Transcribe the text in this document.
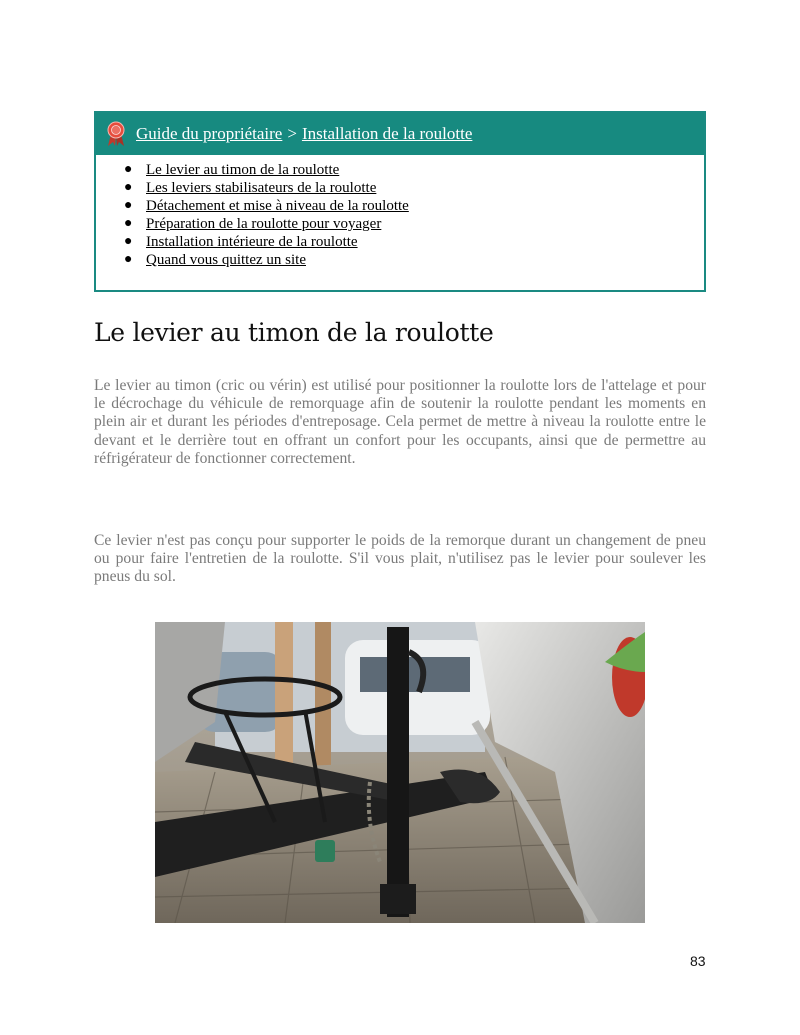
Guide du propriétaire > Installation de la roulotte
● Le levier au timon de la roulotte
● Les leviers stabilisateurs de la roulotte
● Détachement et mise à niveau de la roulotte
● Préparation de la roulotte pour voyager
● Installation intérieure de la roulotte
● Quand vous quittez un site
Le levier au timon de la roulotte

Le levier au timon (cric ou vérin) est utilisé pour positionner la roulotte lors de l'attelage et pour le décrochage du véhicule de remorquage afin de soutenir la roulotte pendant les moments en plein air et durant les périodes d'entreposage. Cela permet de mettre à niveau la roulotte entre le devant et le derrière tout en offrant un confort pour les occupants, ainsi que de permettre au réfrigérateur de fonctionner correctement.

Ce levier n'est pas conçu pour supporter le poids de la remorque durant un changement de pneu ou pour faire l'entretien de la roulotte. S'il vous plait, n'utilisez pas le levier pour soulever les pneus du sol.

83
